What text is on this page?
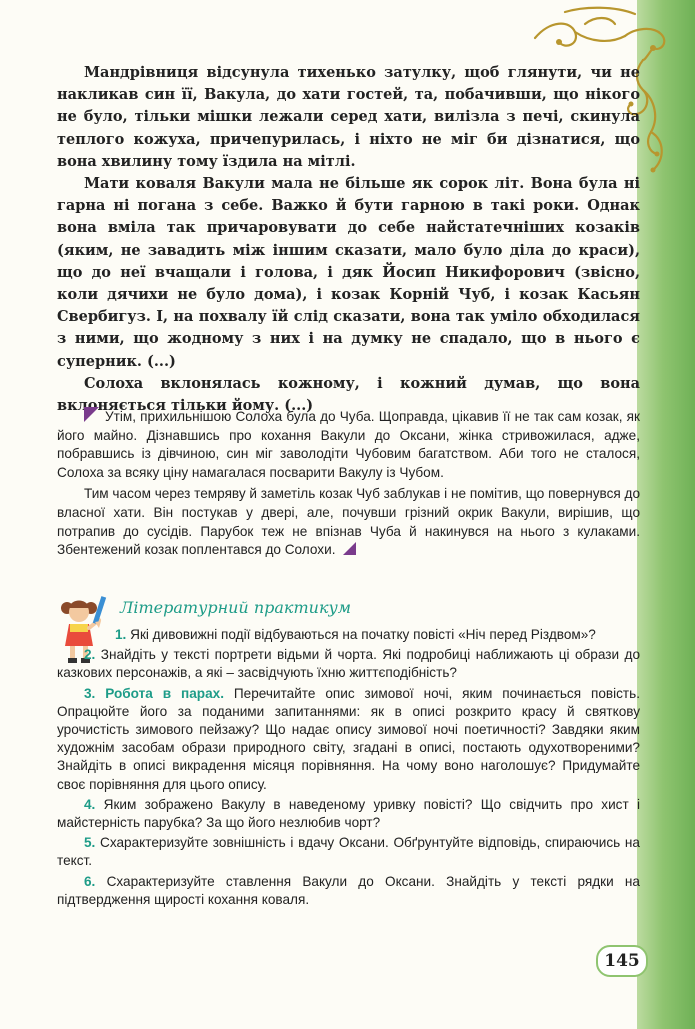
Мандрівниця відсунула тихенько затулку, щоб глянути, чи не накликав син її, Вакула, до хати гостей, та, побачивши, що нікого не було, тільки мішки лежали серед хати, вилізла з печі, скинула теплого кожуха, причепурилась, і ніхто не міг би дізнатися, що вона хвилину тому їздила на мітлі.

Мати коваля Вакули мала не більше як сорок літ. Вона була ні гарна ні погана з себе. Важко й бути гарною в такі роки. Однак вона вміла так причаровувати до себе найстатечніших козаків (яким, не завадить між іншим сказати, мало було діла до краси), що до неї вчащали і голова, і дяк Йосип Никифорович (звісно, коли дячихи не було дома), і козак Корній Чуб, і козак Касьян Свербигуз. І, на похвалу їй слід сказати, вона так уміло обходилася з ними, що жодному з них і на думку не спадало, що в нього є суперник. (...)

Солоха вклонялась кожному, і кожний думав, що вона вклоняється тільки йому. (...)

Утім, прихильнішою Солоха була до Чуба. Щоправда, цікавив її не так сам козак, як його майно. Дізнавшись про кохання Вакули до Оксани, жінка стривожилася, адже, побравшись із дівчиною, син міг заволодіти Чубовим багатством. Аби того не сталося, Солоха за всяку ціну намагалася посварити Вакулу із Чубом.

Тим часом через темряву й заметіль козак Чуб заблукав і не помітив, що повернувся до власної хати. Він постукав у двері, але, почувши грізний окрик Вакули, вирішив, що потрапив до сусідів. Парубок теж не впізнав Чуба й накинувся на нього з кулаками. Збентежений козак поплентався до Солохи.

Літературний практикум

1. Які дивовижні події відбуваються на початку повісті «Ніч перед Різдвом»?

2. Знайдіть у тексті портрети відьми й чорта. Які подробиці наближають ці образи до казкових персонажів, а які – засвідчують їхню життєподібність?

3. Робота в парах. Перечитайте опис зимової ночі, яким починається повість. Опрацюйте його за поданими запитаннями: як в описі розкрито красу й святкову урочистість зимового пейзажу? Що надає опису зимової ночі поетичності? Завдяки яким художнім засобам образи природного світу, згадані в описі, постають одухотвореними? Знайдіть в описі викрадення місяця порівняння. На чому воно наголошує? Придумайте своє порівняння для цього опису.

4. Яким зображено Вакулу в наведеному уривку повісті? Що свідчить про хист і майстерність парубка? За що його незлюбив чорт?

5. Схарактеризуйте зовнішність і вдачу Оксани. Обґрунтуйте відповідь, спираючись на текст.

6. Схарактеризуйте ставлення Вакули до Оксани. Знайдіть у тексті рядки на підтвердження щирості кохання коваля.

145
